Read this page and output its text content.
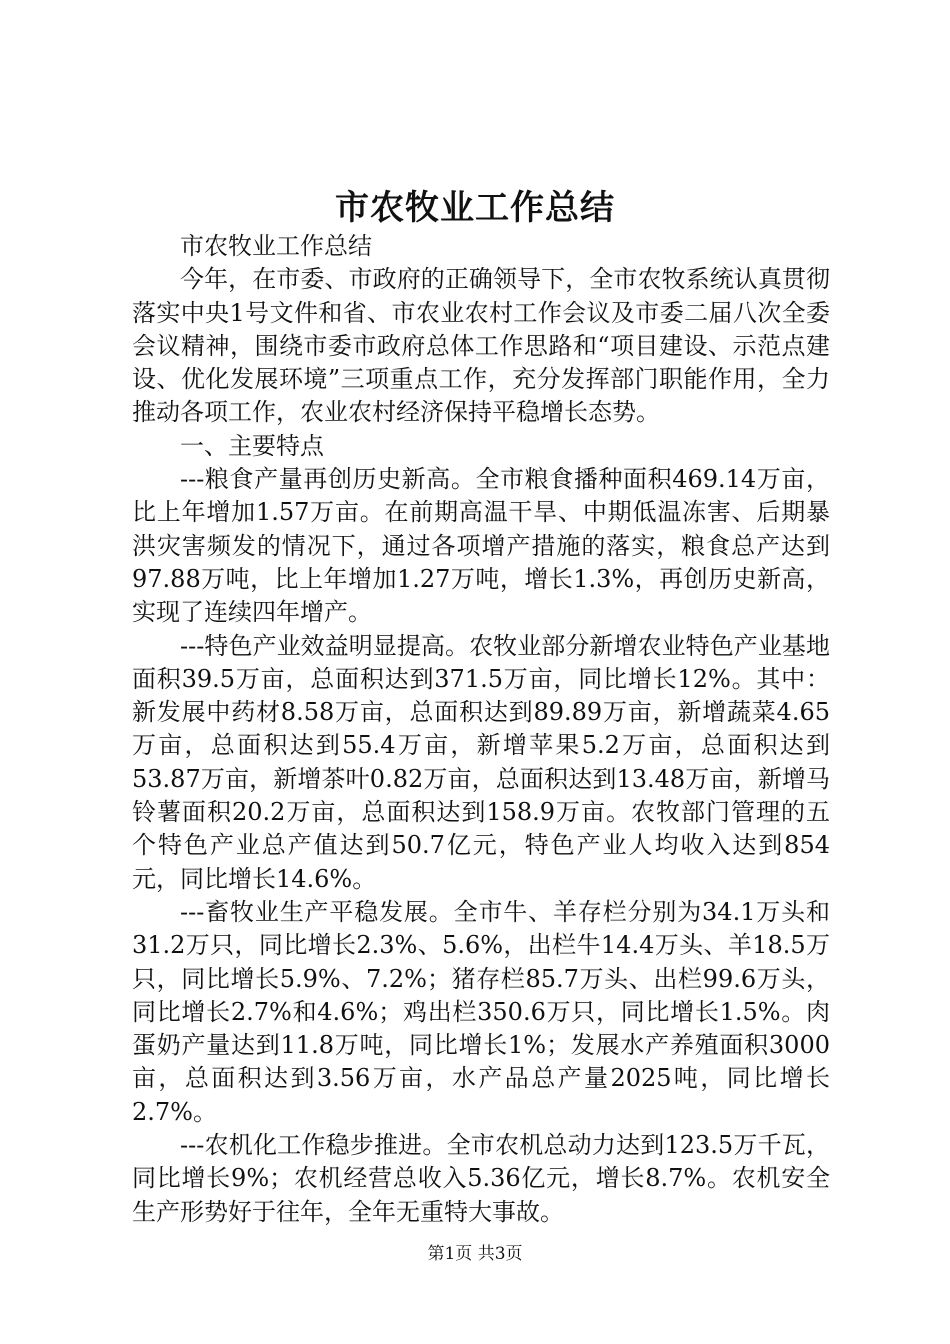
市农牧业工作总结

市农牧业工作总结

今年，在市委、市政府的正确领导下，全市农牧系统认真贯彻落实中央1号文件和省、市农业农村工作会议及市委二届八次全委会议精神，围绕市委市政府总体工作思路和“项目建设、示范点建设、优化发展环境”三项重点工作，充分发挥部门职能作用，全力推动各项工作，农业农村经济保持平稳增长态势。

一、主要特点

---粮食产量再创历史新高。全市粮食播种面积469.14万亩，比上年增加1.57万亩。在前期高温干旱、中期低温冻害、后期暴洪灾害频发的情况下，通过各项增产措施的落实，粮食总产达到97.88万吨，比上年增加1.27万吨，增长1.3%，再创历史新高，实现了连续四年增产。

---特色产业效益明显提高。农牧业部分新增农业特色产业基地面积39.5万亩，总面积达到371.5万亩，同比增长12%。其中：新发展中药材8.58万亩，总面积达到89.89万亩，新增蔬菜4.65万亩，总面积达到55.4万亩，新增苹果5.2万亩，总面积达到53.87万亩，新增茶叶0.82万亩，总面积达到13.48万亩，新增马铃薯面积20.2万亩，总面积达到158.9万亩。农牧部门管理的五个特色产业总产值达到50.7亿元，特色产业人均收入达到854元，同比增长14.6%。

---畜牧业生产平稳发展。全市牛、羊存栏分别为34.1万头和31.2万只，同比增长2.3%、5.6%，出栏牛14.4万头、羊18.5万只，同比增长5.9%、7.2%；猪存栏85.7万头、出栏99.6万头，同比增长2.7%和4.6%；鸡出栏350.6万只，同比增长1.5%。肉蛋奶产量达到11.8万吨，同比增长1%；发展水产养殖面积3000亩，总面积达到3.56万亩，水产品总产量2025吨，同比增长2.7%。

---农机化工作稳步推进。全市农机总动力达到123.5万千瓦，同比增长9%；农机经营总收入5.36亿元，增长8.7%。农机安全生产形势好于往年，全年无重特大事故。

第1页 共3页
